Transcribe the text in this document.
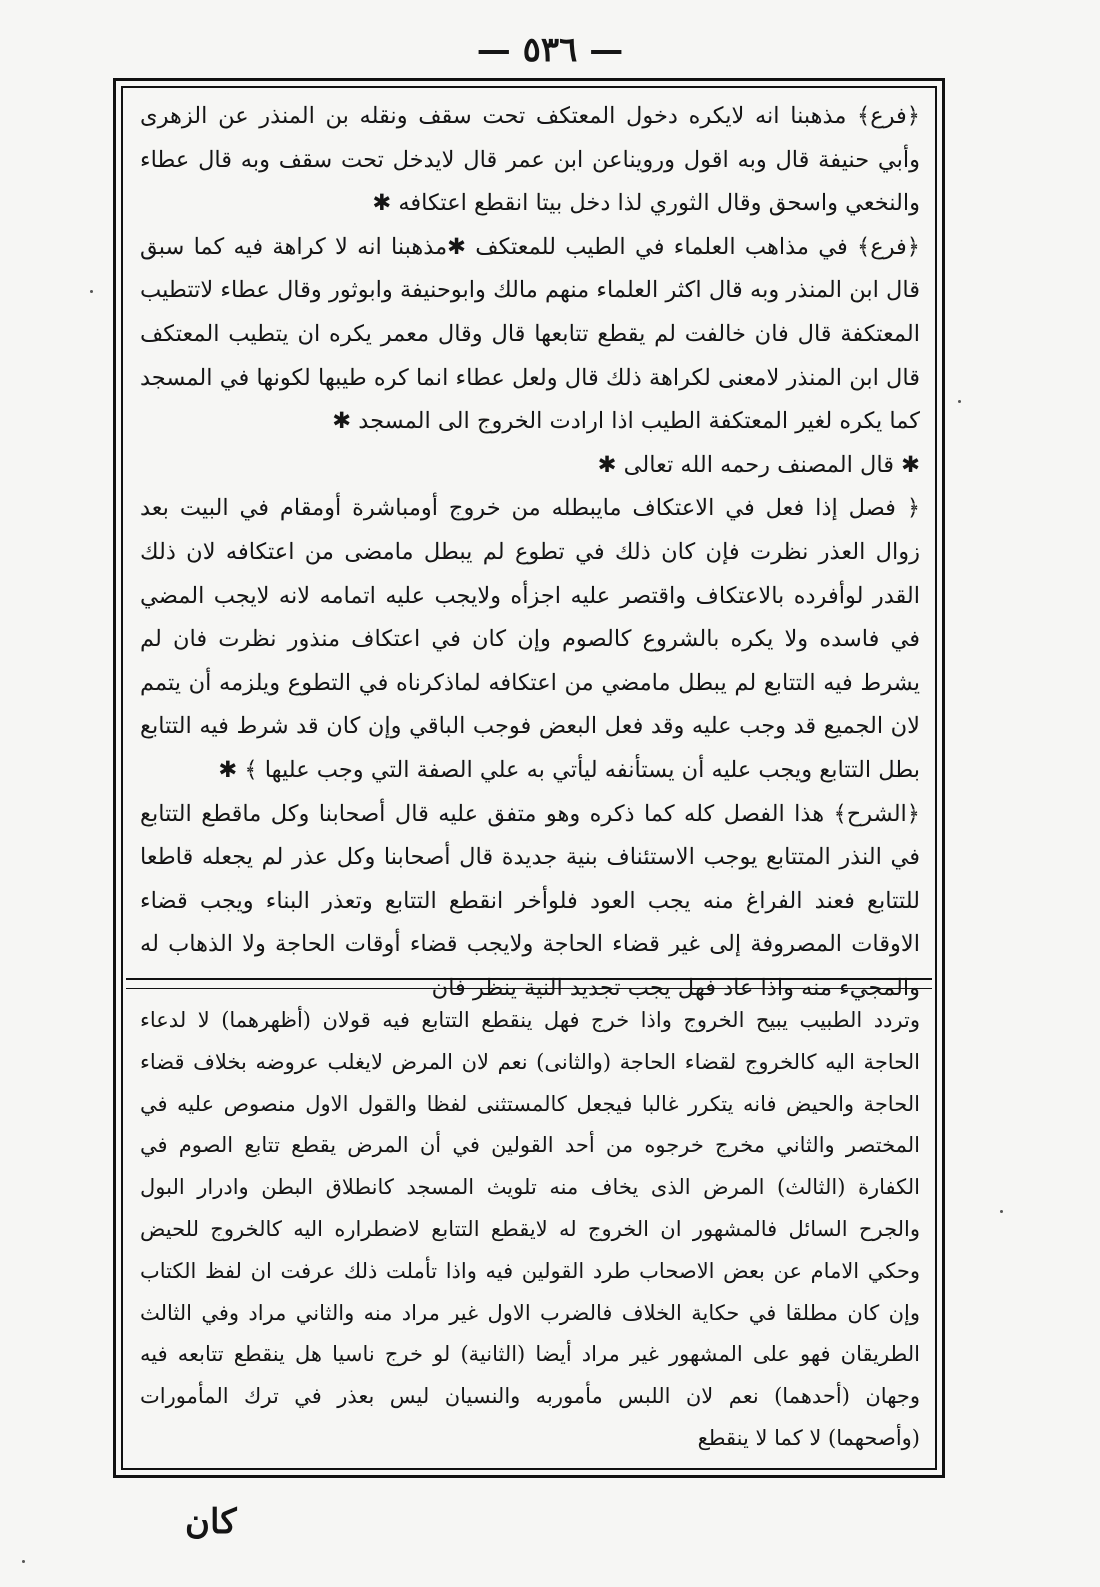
— ٥٣٦ —

﴿فرع﴾ مذهبنا انه لايكره دخول المعتكف تحت سقف ونقله بن المنذر عن الزهرى وأبي حنيفة قال وبه اقول ورويناعن ابن عمر قال لايدخل تحت سقف وبه قال عطاء والنخعي واسحق وقال الثوري لذا دخل بيتا انقطع اعتكافه ✱

﴿فرع﴾ في مذاهب العلماء في الطيب للمعتكف ✱مذهبنا انه لا كراهة فيه كما سبق قال ابن المنذر وبه قال اكثر العلماء منهم مالك وابوحنيفة وابوثور وقال عطاء لاتتطيب المعتكفة قال فان خالفت لم يقطع تتابعها قال وقال معمر يكره ان يتطيب المعتكف قال ابن المنذر لامعنى لكراهة ذلك قال ولعل عطاء انما كره طيبها لكونها في المسجد كما يكره لغير المعتكفة الطيب اذا ارادت الخروج الى المسجد ✱

✱ قال المصنف رحمه الله تعالى ✱

﴿ فصل إذا فعل في الاعتكاف مايبطله من خروج أومباشرة أومقام في البيت بعد زوال العذر نظرت فإن كان ذلك في تطوع لم يبطل مامضى من اعتكافه لان ذلك القدر لوأفرده بالاعتكاف واقتصر عليه اجزأه ولايجب عليه اتمامه لانه لايجب المضي في فاسده ولا يكره بالشروع كالصوم وإن كان في اعتكاف منذور نظرت فان لم يشرط فيه التتابع لم يبطل مامضي من اعتكافه لماذكرناه في التطوع ويلزمه أن يتمم لان الجميع قد وجب عليه وقد فعل البعض فوجب الباقي وإن كان قد شرط فيه التتابع بطل التتابع ويجب عليه أن يستأنفه ليأتي به علي الصفة التي وجب عليها ﴾ ✱

﴿الشرح﴾ هذا الفصل كله كما ذكره وهو متفق عليه قال أصحابنا وكل ماقطع التتابع في النذر المتتابع يوجب الاستئناف بنية جديدة قال أصحابنا وكل عذر لم يجعله قاطعا للتتابع فعند الفراغ منه يجب العود فلوأخر انقطع التتابع وتعذر البناء ويجب قضاء الاوقات المصروفة إلى غير قضاء الحاجة ولايجب قضاء أوقات الحاجة ولا الذهاب له والمجيء منه واذا عاد فهل يجب تجديد النية ينظر فان

وتردد الطبيب يبيح الخروج واذا خرج فهل ينقطع التتابع فيه قولان (أظهرهما) لا لدعاء الحاجة اليه كالخروج لقضاء الحاجة (والثانى) نعم لان المرض لايغلب عروضه بخلاف قضاء الحاجة والحيض فانه يتكرر غالبا فيجعل كالمستثنى لفظا والقول الاول منصوص عليه في المختصر والثاني مخرج خرجوه من أحد القولين في أن المرض يقطع تتابع الصوم في الكفارة (الثالث) المرض الذى يخاف منه تلويث المسجد كانطلاق البطن وادرار البول والجرح السائل فالمشهور ان الخروج له لايقطع التتابع لاضطراره اليه كالخروج للحيض وحكي الامام عن بعض الاصحاب طرد القولين فيه واذا تأملت ذلك عرفت ان لفظ الكتاب وإن كان مطلقا في حكاية الخلاف فالضرب الاول غير مراد منه والثاني مراد وفي الثالث الطريقان فهو على المشهور غير مراد أيضا (الثانية) لو خرج ناسيا هل ينقطع تتابعه فيه وجهان (أحدهما) نعم لان اللبس مأموربه والنسيان ليس بعذر في ترك المأمورات (وأصحهما) لا كما لا ينقطع

كان
